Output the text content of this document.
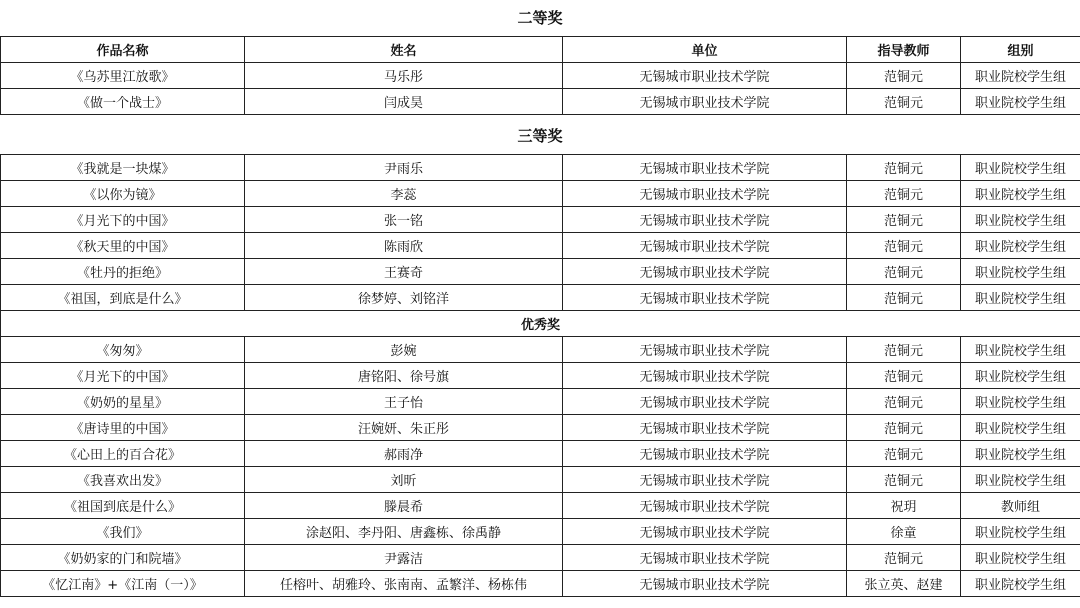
二等奖
作品名称	姓名	单位	指导教师	组别
《乌苏里江放歌》	马乐彤	无锡城市职业技术学院	范铜元	职业院校学生组
《做一个战士》	闫成昊	无锡城市职业技术学院	范铜元	职业院校学生组
三等奖
《我就是一块煤》	尹雨乐	无锡城市职业技术学院	范铜元	职业院校学生组
《以你为镜》	李蕊	无锡城市职业技术学院	范铜元	职业院校学生组
《月光下的中国》	张一铭	无锡城市职业技术学院	范铜元	职业院校学生组
《秋天里的中国》	陈雨欣	无锡城市职业技术学院	范铜元	职业院校学生组
《牡丹的拒绝》	王赛奇	无锡城市职业技术学院	范铜元	职业院校学生组
《祖国，到底是什么》	徐梦婷、刘铭洋	无锡城市职业技术学院	范铜元	职业院校学生组
优秀奖				
《匆匆》	彭婉	无锡城市职业技术学院	范铜元	职业院校学生组
《月光下的中国》	唐铭阳、徐号旗	无锡城市职业技术学院	范铜元	职业院校学生组
《奶奶的星星》	王子怡	无锡城市职业技术学院	范铜元	职业院校学生组
《唐诗里的中国》	汪婉妍、朱正彤	无锡城市职业技术学院	范铜元	职业院校学生组
《心田上的百合花》	郝雨净	无锡城市职业技术学院	范铜元	职业院校学生组
《我喜欢出发》	刘昕	无锡城市职业技术学院	范铜元	职业院校学生组
《祖国到底是什么》	滕晨希	无锡城市职业技术学院	祝玥	教师组
《我们》	涂赵阳、李丹阳、唐鑫栋、徐禹静	无锡城市职业技术学院	徐童	职业院校学生组
《奶奶家的门和院墙》	尹露洁	无锡城市职业技术学院	范铜元	职业院校学生组
《忆江南》+《江南（一）》	任榕叶、胡雅玲、张南南、孟繁洋、杨栋伟	无锡城市职业技术学院	张立英、赵建	职业院校学生组
